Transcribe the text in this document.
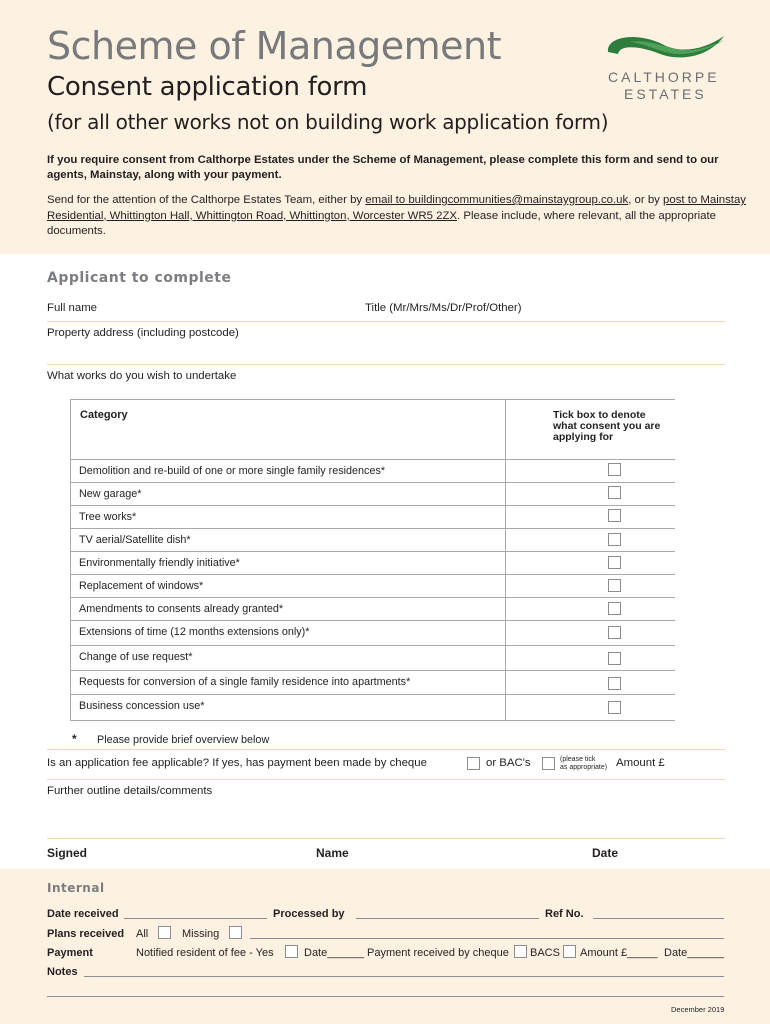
Scheme of Management
Consent application form
(for all other works not on building work application form)
If you require consent from Calthorpe Estates under the Scheme of Management, please complete this form and send to our agents, Mainstay, along with your payment.
Send for the attention of the Calthorpe Estates Team, either by email to buildingcommunities@mainstaygroup.co.uk, or by post to Mainstay Residential, Whittington Hall, Whittington Road, Whittington, Worcester WR5 2ZX. Please include, where relevant, all the appropriate documents.
CALTHORPE
ESTATES
Applicant to complete
Full name	Title (Mr/Mrs/Ms/Dr/Prof/Other)
Property address (including postcode)
What works do you wish to undertake
Category	Tick box to denote
what consent you are
applying for
Demolition and re-build of one or more single family residences*
New garage*
Tree works*
TV aerial/Satellite dish*
Environmentally friendly initiative*
Replacement of windows*
Amendments to consents already granted*
Extensions of time (12 months extensions only)*
Change of use request*
Requests for conversion of a single family residence into apartments*
Business concession use*
* Please provide brief overview below
Is an application fee applicable? If yes, has payment been made by cheque	or BAC's	(please tick
as appropriate) Amount £
Further outline details/comments
Signed	Name	Date
Internal
Date received	Processed by	Ref No.
Plans received All	Missing
Payment	Notified resident of fee - Yes	Date______ Payment received by cheque BACS Amount £_____ Date______
Notes
December 2019
